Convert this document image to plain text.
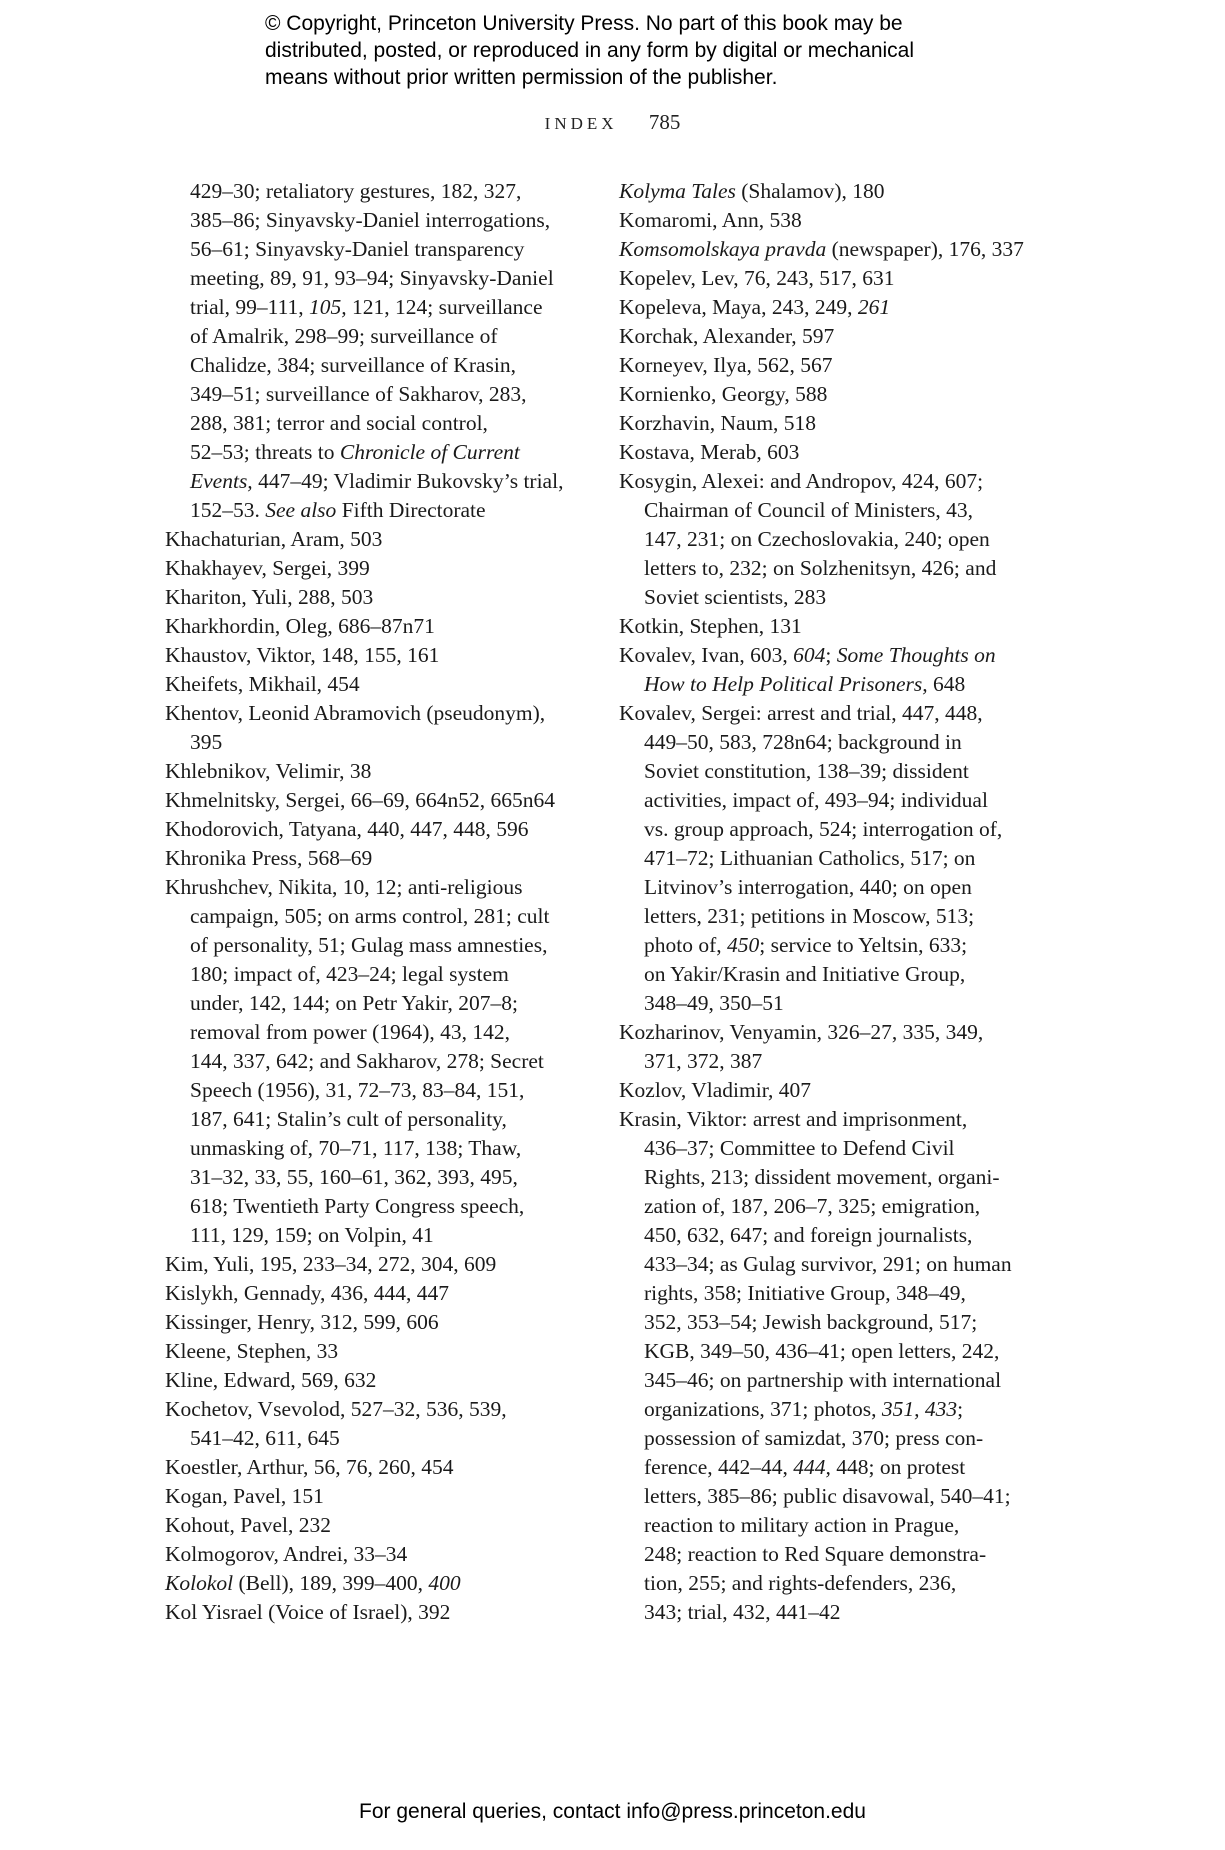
© Copyright, Princeton University Press. No part of this book may be
distributed, posted, or reproduced in any form by digital or mechanical
means without prior written permission of the publisher.
INDEX 785
429–30; retaliatory gestures, 182, 327,
385–86; Sinyavsky-Daniel interrogations,
56–61; Sinyavsky-Daniel transparency
meeting, 89, 91, 93–94; Sinyavsky-Daniel
trial, 99–111, 105, 121, 124; surveillance
of Amalrik, 298–99; surveillance of
Chalidze, 384; surveillance of Krasin,
349–51; surveillance of Sakharov, 283,
288, 381; terror and social control,
52–53; threats to Chronicle of Current
Events, 447–49; Vladimir Bukovsky’s trial,
152–53. See also Fifth Directorate
Khachaturian, Aram, 503
Khakhayev, Sergei, 399
Khariton, Yuli, 288, 503
Kharkhordin, Oleg, 686–87n71
Khaustov, Viktor, 148, 155, 161
Kheifets, Mikhail, 454
Khentov, Leonid Abramovich (pseudonym),
395
Khlebnikov, Velimir, 38
Khmelnitsky, Sergei, 66–69, 664n52, 665n64
Khodorovich, Tatyana, 440, 447, 448, 596
Khronika Press, 568–69
Khrushchev, Nikita, 10, 12; anti-religious
campaign, 505; on arms control, 281; cult
of personality, 51; Gulag mass amnesties,
180; impact of, 423–24; legal system
under, 142, 144; on Petr Yakir, 207–8;
removal from power (1964), 43, 142,
144, 337, 642; and Sakharov, 278; Secret
Speech (1956), 31, 72–73, 83–84, 151,
187, 641; Stalin’s cult of personality,
unmasking of, 70–71, 117, 138; Thaw,
31–32, 33, 55, 160–61, 362, 393, 495,
618; Twentieth Party Congress speech,
111, 129, 159; on Volpin, 41
Kim, Yuli, 195, 233–34, 272, 304, 609
Kislykh, Gennady, 436, 444, 447
Kissinger, Henry, 312, 599, 606
Kleene, Stephen, 33
Kline, Edward, 569, 632
Kochetov, Vsevolod, 527–32, 536, 539,
541–42, 611, 645
Koestler, Arthur, 56, 76, 260, 454
Kogan, Pavel, 151
Kohout, Pavel, 232
Kolmogorov, Andrei, 33–34
Kolokol (Bell), 189, 399–400, 400
Kol Yisrael (Voice of Israel), 392
Kolyma Tales (Shalamov), 180
Komaromi, Ann, 538
Komsomolskaya pravda (newspaper), 176, 337
Kopelev, Lev, 76, 243, 517, 631
Kopeleva, Maya, 243, 249, 261
Korchak, Alexander, 597
Korneyev, Ilya, 562, 567
Kornienko, Georgy, 588
Korzhavin, Naum, 518
Kostava, Merab, 603
Kosygin, Alexei: and Andropov, 424, 607;
Chairman of Council of Ministers, 43,
147, 231; on Czechoslovakia, 240; open
letters to, 232; on Solzhenitsyn, 426; and
Soviet scientists, 283
Kotkin, Stephen, 131
Kovalev, Ivan, 603, 604; Some Thoughts on
How to Help Political Prisoners, 648
Kovalev, Sergei: arrest and trial, 447, 448,
449–50, 583, 728n64; background in
Soviet constitution, 138–39; dissident
activities, impact of, 493–94; individual
vs. group approach, 524; interrogation of,
471–72; Lithuanian Catholics, 517; on
Litvinov’s interrogation, 440; on open
letters, 231; petitions in Moscow, 513;
photo of, 450; service to Yeltsin, 633;
on Yakir/Krasin and Initiative Group,
348–49, 350–51
Kozharinov, Venyamin, 326–27, 335, 349,
371, 372, 387
Kozlov, Vladimir, 407
Krasin, Viktor: arrest and imprisonment,
436–37; Committee to Defend Civil
Rights, 213; dissident movement, organi-
zation of, 187, 206–7, 325; emigration,
450, 632, 647; and foreign journalists,
433–34; as Gulag survivor, 291; on human
rights, 358; Initiative Group, 348–49,
352, 353–54; Jewish background, 517;
KGB, 349–50, 436–41; open letters, 242,
345–46; on partnership with international
organizations, 371; photos, 351, 433;
possession of samizdat, 370; press con-
ference, 442–44, 444, 448; on protest
letters, 385–86; public disavowal, 540–41;
reaction to military action in Prague,
248; reaction to Red Square demonstra-
tion, 255; and rights-defenders, 236,
343; trial, 432, 441–42
For general queries, contact info@press.princeton.edu
